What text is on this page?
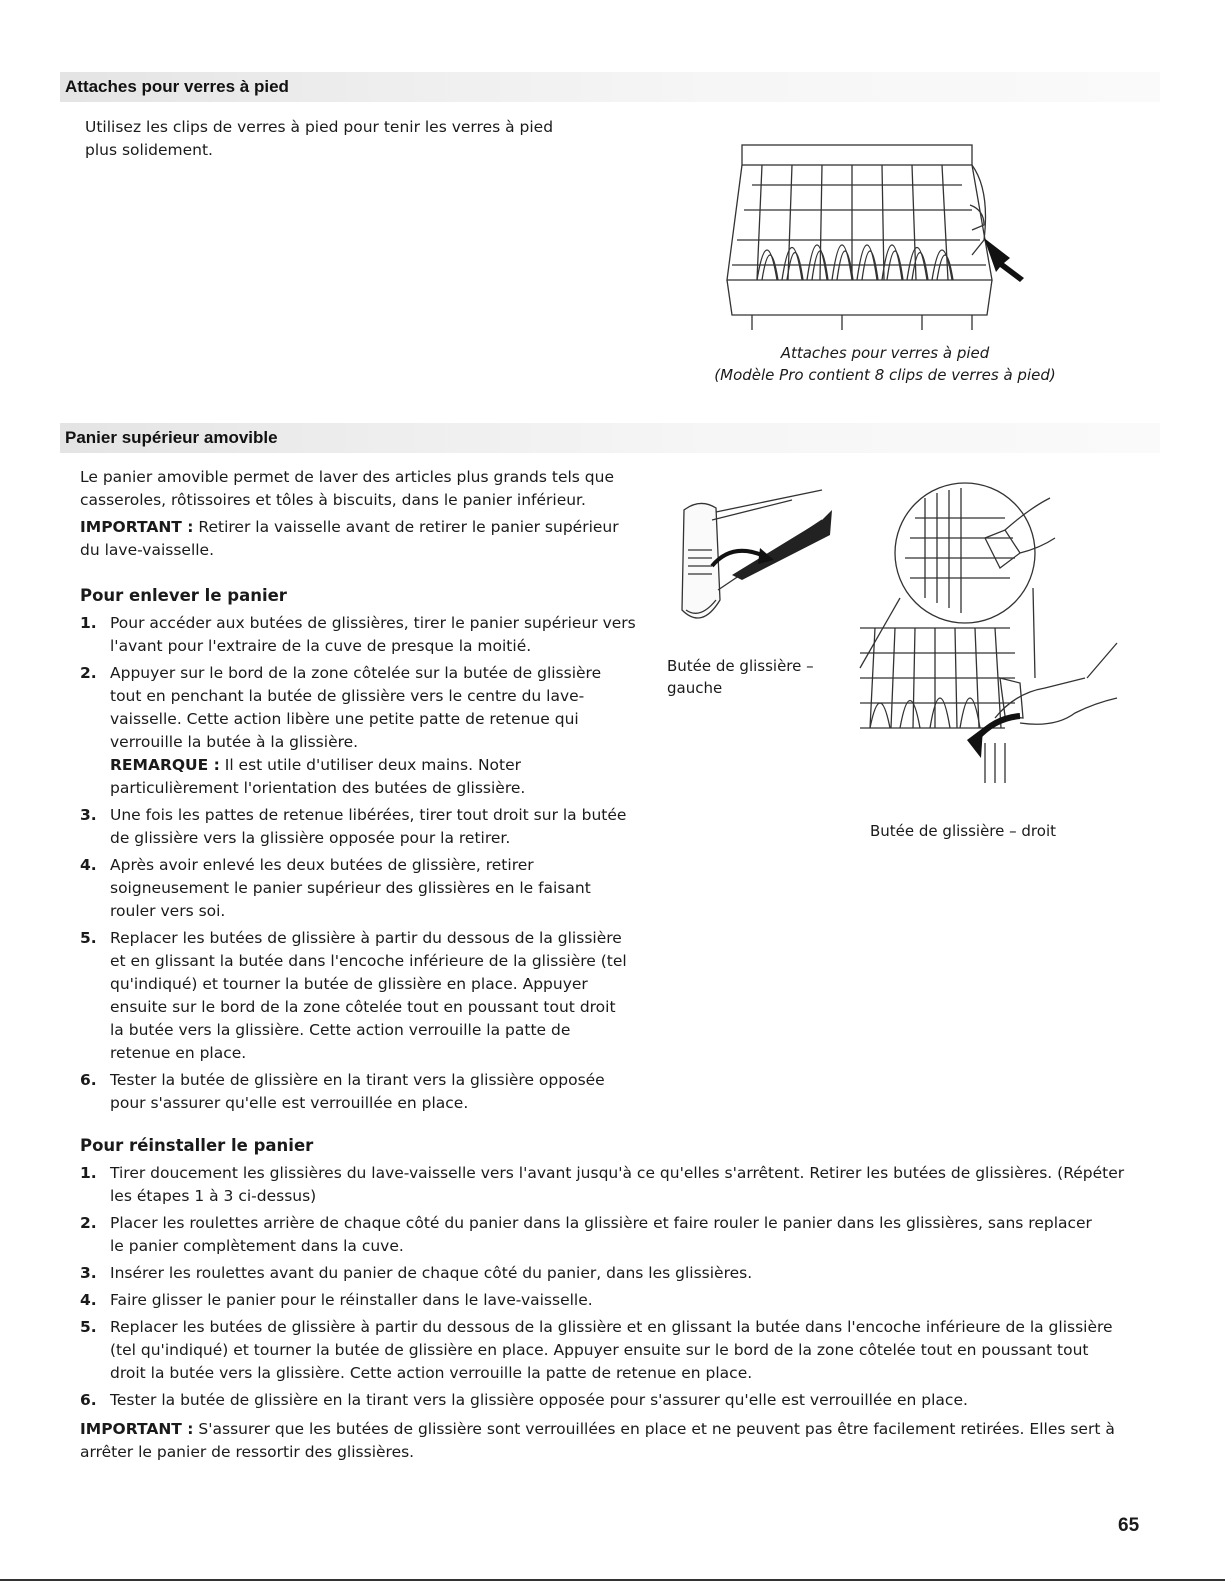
Attaches pour verres à pied

Utilisez les clips de verres à pied pour tenir les verres à pied
plus solidement.

Attaches pour verres à pied
(Modèle Pro contient 8 clips de verres à pied)
Panier supérieur amovible

Le panier amovible permet de laver des articles plus grands tels que
casseroles, rôtissoires et tôles à biscuits, dans le panier inférieur.

IMPORTANT : Retirer la vaisselle avant de retirer le panier supérieur
du lave-vaisselle.

Pour enlever le panier
1. Pour accéder aux butées de glissières, tirer le panier supérieur vers
l'avant pour l'extraire de la cuve de presque la moitié.
2. Appuyer sur le bord de la zone côtelée sur la butée de glissière
tout en penchant la butée de glissière vers le centre du lave-
vaisselle. Cette action libère une petite patte de retenue qui
verrouille la butée à la glissière.
REMARQUE : Il est utile d'utiliser deux mains. Noter
particulièrement l'orientation des butées de glissière.
3. Une fois les pattes de retenue libérées, tirer tout droit sur la butée
de glissière vers la glissière opposée pour la retirer.
4. Après avoir enlevé les deux butées de glissière, retirer
soigneusement le panier supérieur des glissières en le faisant
rouler vers soi.
5. Replacer les butées de glissière à partir du dessous de la glissière
et en glissant la butée dans l'encoche inférieure de la glissière (tel
qu'indiqué) et tourner la butée de glissière en place. Appuyer
ensuite sur le bord de la zone côtelée tout en poussant tout droit
la butée vers la glissière. Cette action verrouille la patte de
retenue en place.
6. Tester la butée de glissière en la tirant vers la glissière opposée
pour s'assurer qu'elle est verrouillée en place.
Butée de glissière –
gauche
Butée de glissière – droit
Pour réinstaller le panier
1. Tirer doucement les glissières du lave-vaisselle vers l'avant jusqu'à ce qu'elles s'arrêtent. Retirer les butées de glissières. (Répéter
les étapes 1 à 3 ci-dessus)
2. Placer les roulettes arrière de chaque côté du panier dans la glissière et faire rouler le panier dans les glissières, sans replacer
le panier complètement dans la cuve.
3. Insérer les roulettes avant du panier de chaque côté du panier, dans les glissières.
4. Faire glisser le panier pour le réinstaller dans le lave-vaisselle.
5. Replacer les butées de glissière à partir du dessous de la glissière et en glissant la butée dans l'encoche inférieure de la glissière
(tel qu'indiqué) et tourner la butée de glissière en place. Appuyer ensuite sur le bord de la zone côtelée tout en poussant tout
droit la butée vers la glissière. Cette action verrouille la patte de retenue en place.
6. Tester la butée de glissière en la tirant vers la glissière opposée pour s'assurer qu'elle est verrouillée en place.

IMPORTANT : S'assurer que les butées de glissière sont verrouillées en place et ne peuvent pas être facilement retirées. Elles sert à
arrêter le panier de ressortir des glissières.

65
